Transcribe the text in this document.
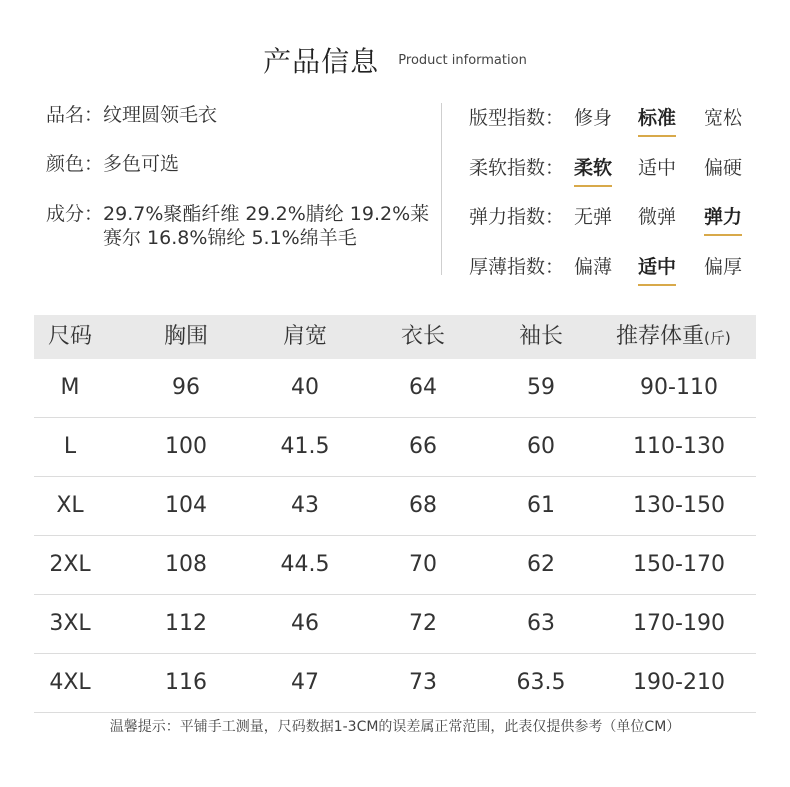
产品信息 Product information
品名： 纹理圆领毛衣
颜色： 多色可选
成分： 29.7%聚酯纤维 29.2%腈纶 19.2%莱赛尔 16.8%锦纶 5.1%绵羊毛
版型指数： 修身 标准 宽松
柔软指数： 柔软 适中 偏硬
弹力指数： 无弹 微弹 弹力
厚薄指数： 偏薄 适中 偏厚
尺码	胸围	肩宽	衣长	袖长	推荐体重(斤)
M	96	40	64	59	90-110
L	100	41.5	66	60	110-130
XL	104	43	68	61	130-150
2XL	108	44.5	70	62	150-170
3XL	112	46	72	63	170-190
4XL	116	47	73	63.5	190-210
温馨提示：平铺手工测量，尺码数据1-3CM的误差属正常范围，此表仅提供参考（单位CM）
